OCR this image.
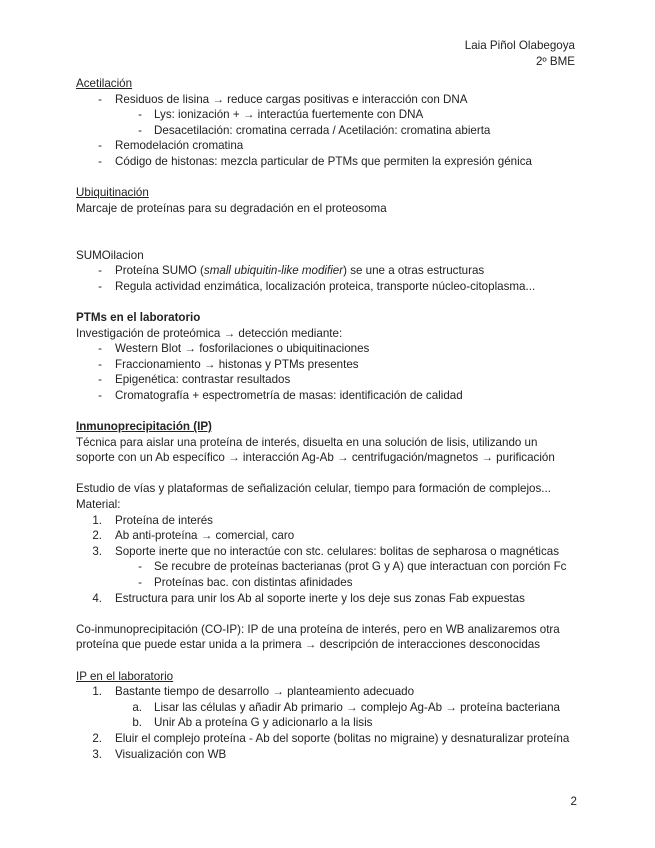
Laia Piñol Olabegoya
2º BME

Acetilación

- Residuos de lisina → reduce cargas positivas e interacción con DNA
- Lys: ionización + → interactúa fuertemente con DNA
- Desacetilación: cromatina cerrada / Acetilación: cromatina abierta
- Remodelación cromatina
- Código de histonas: mezcla particular de PTMs que permiten la expresión génica

Ubiquitinación

Marcaje de proteínas para su degradación en el proteosoma

SUMOilacion

- Proteína SUMO (small ubiquitin-like modifier) se une a otras estructuras
- Regula actividad enzimática, localización proteica, transporte núcleo-citoplasma...

PTMs en el laboratorio

Investigación de proteómica → detección mediante:

- Western Blot → fosforilaciones o ubiquitinaciones
- Fraccionamiento → histonas y PTMs presentes
- Epigenética: contrastar resultados
- Cromatografía + espectrometría de masas: identificación de calidad

Inmunoprecipitación (IP)

Técnica para aislar una proteína de interés, disuelta en una solución de lisis, utilizando un

soporte con un Ab específico → interacción Ag-Ab → centrifugación/magnetos → purificación

Estudio de vías y plataformas de señalización celular, tiempo para formación de complejos...

Material:

1. Proteína de interés
2. Ab anti-proteína → comercial, caro
3. Soporte inerte que no interactúe con stc. celulares: bolitas de sepharosa o magnéticas
- Se recubre de proteínas bacterianas (prot G y A) que interactuan con porción Fc
- Proteínas bac. con distintas afinidades
4. Estructura para unir los Ab al soporte inerte y los deje sus zonas Fab expuestas

Co-inmunoprecipitación (CO-IP): IP de una proteína de interés, pero en WB analizaremos otra

proteína que puede estar unida a la primera → descripción de interacciones desconocidas

IP en el laboratorio

1. Bastante tiempo de desarrollo → planteamiento adecuado
a. Lisar las células y añadir Ab primario → complejo Ag-Ab → proteína bacteriana
b. Unir Ab a proteína G y adicionarlo a la lisis
2. Eluir el complejo proteína - Ab del soporte (bolitas no migraine) y desnaturalizar proteína
3. Visualización con WB
2
